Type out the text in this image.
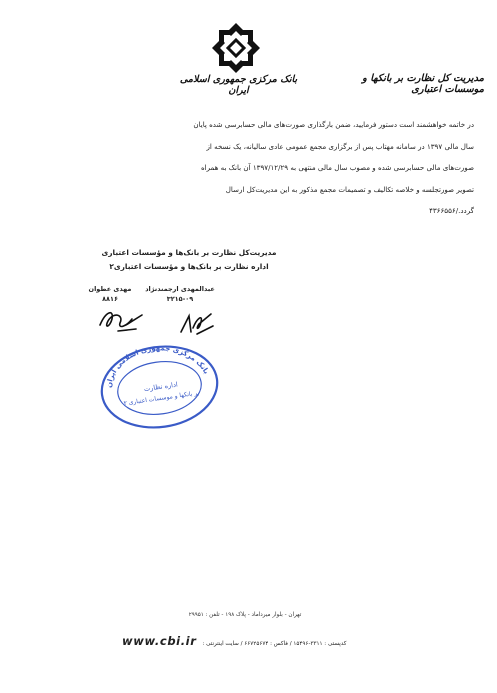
بانک مرکزی جمهوری اسلامی ایران
مدیریت کل نظارت بر بانکها و موسسات اعتباری
در خاتمه خواهشمند است دستور فرمایید، ضمن بارگذاری صورت‌های مالی حسابرسی شده پایان
سال مالی ۱۳۹۷ در سامانه مهتاب پس از برگزاری مجمع عمومی عادی سالیانه، یک نسخه از
صورت‌های مالی حسابرسی شده و مصوب سال مالی منتهی به ۱۳۹۷/۱۲/۲۹ آن بانک به همراه
تصویر صورتجلسه و خلاصه تکالیف و تصمیمات مجمع مذکور به این مدیریت‌کل ارسال
گردد./۴۳۶۶۵۵۶
مدیریت‌کل نظارت بر بانک‌ها و مؤسسات اعتباری
اداره نظارت بر بانک‌ها و مؤسسات اعتباری۲
عبدالمهدی ارجمندنژاد
۳۲۱۵-۰۹
مهدی عطوان
۸۸۱۶
بانک مرکزی جمهوری اسلامی ایران
اداره نظارت
بر بانکها و موسسات اعتباری ۲
تهران - بلوار میرداماد - پلاک ۱۹۸ - تلفن : ۲۹۹۵۱
www.cbi.ir کدپستی : ۳۳۱۱-۱۵۴۹۶ / فاکس : ۶۶۷۲۵۶۷۴ / سایت اینترنتی :
